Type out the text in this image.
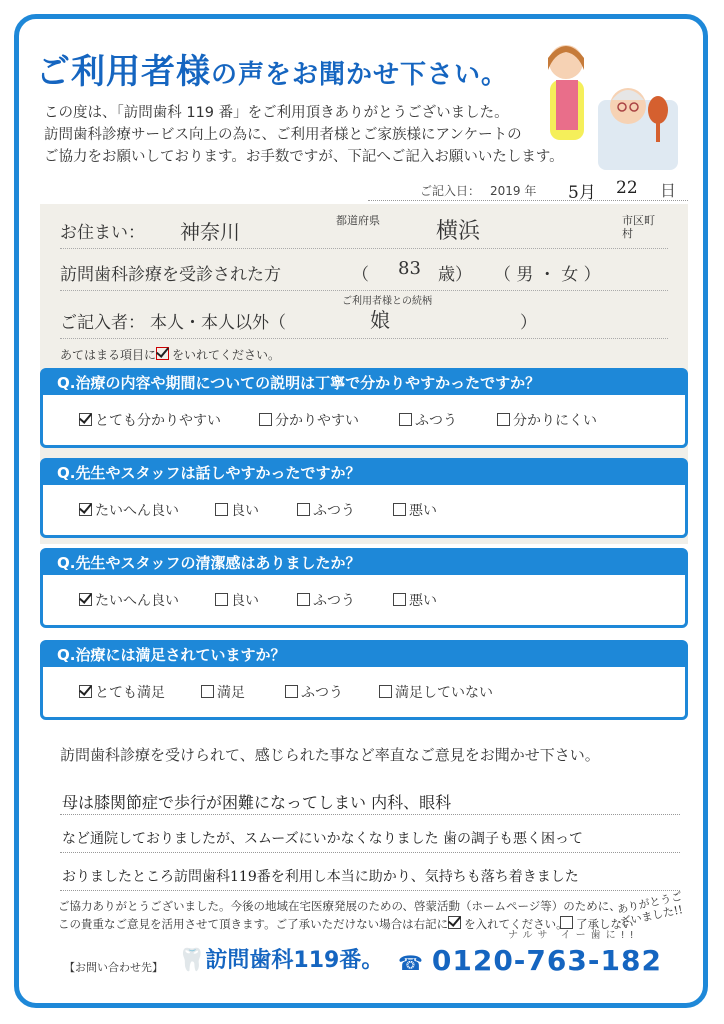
ご利用者様の声をお聞かせ下さい。
この度は、「訪問歯科 119 番」をご利用頂きありがとうございました。
訪問歯科診療サービス向上の為に、ご利用者様とご家族様にアンケートの
ご協力をお願いしております。お手数ですが、下記へご記入お願いいたします。
ご記入日： 2019 年 5月 22 日
お住まい： 神奈川	都道府県	横浜	市区町村
訪問歯科診療を受診された方	（ 83 歳） （ 男 ・ 女 ）
ご利用者様との続柄
ご記入者： 本人・本人以外（	娘	）
あてはまる項目に をいれてください。
Q.治療の内容や期間についての説明は丁寧で分かりやすかったですか？
とても分かりやすい	分かりやすい	ふつう	分かりにくい
Q.先生やスタッフは話しやすかったですか？
たいへん良い	良い	ふつう	悪い
Q.先生やスタッフの清潔感はありましたか？
たいへん良い	良い	ふつう	悪い
Q.治療には満足されていますか？
とても満足	満足	ふつう	満足していない
訪問歯科診療を受けられて、感じられた事など率直なご意見をお聞かせ下さい。
母は膝関節症で歩行が困難になってしまい 内科、眼科
など通院しておりましたが、スムーズにいかなくなりました 歯の調子も悪く困って
おりましたところ訪問歯科119番を利用し本当に助かり、気持ちも落ち着きました
ご協力ありがとうございました。今後の地域在宅医療発展のための、啓蒙活動（ホームページ等）のために、
この貴重なご意見を活用させて頂きます。ご了承いただけない場合は右記に を入れてください。 了承しない
ありがとうございました!!
【お問い合わせ先】 🦷訪問歯科119番。
ナルサ イー歯に!!
☎ 0120-763-182
